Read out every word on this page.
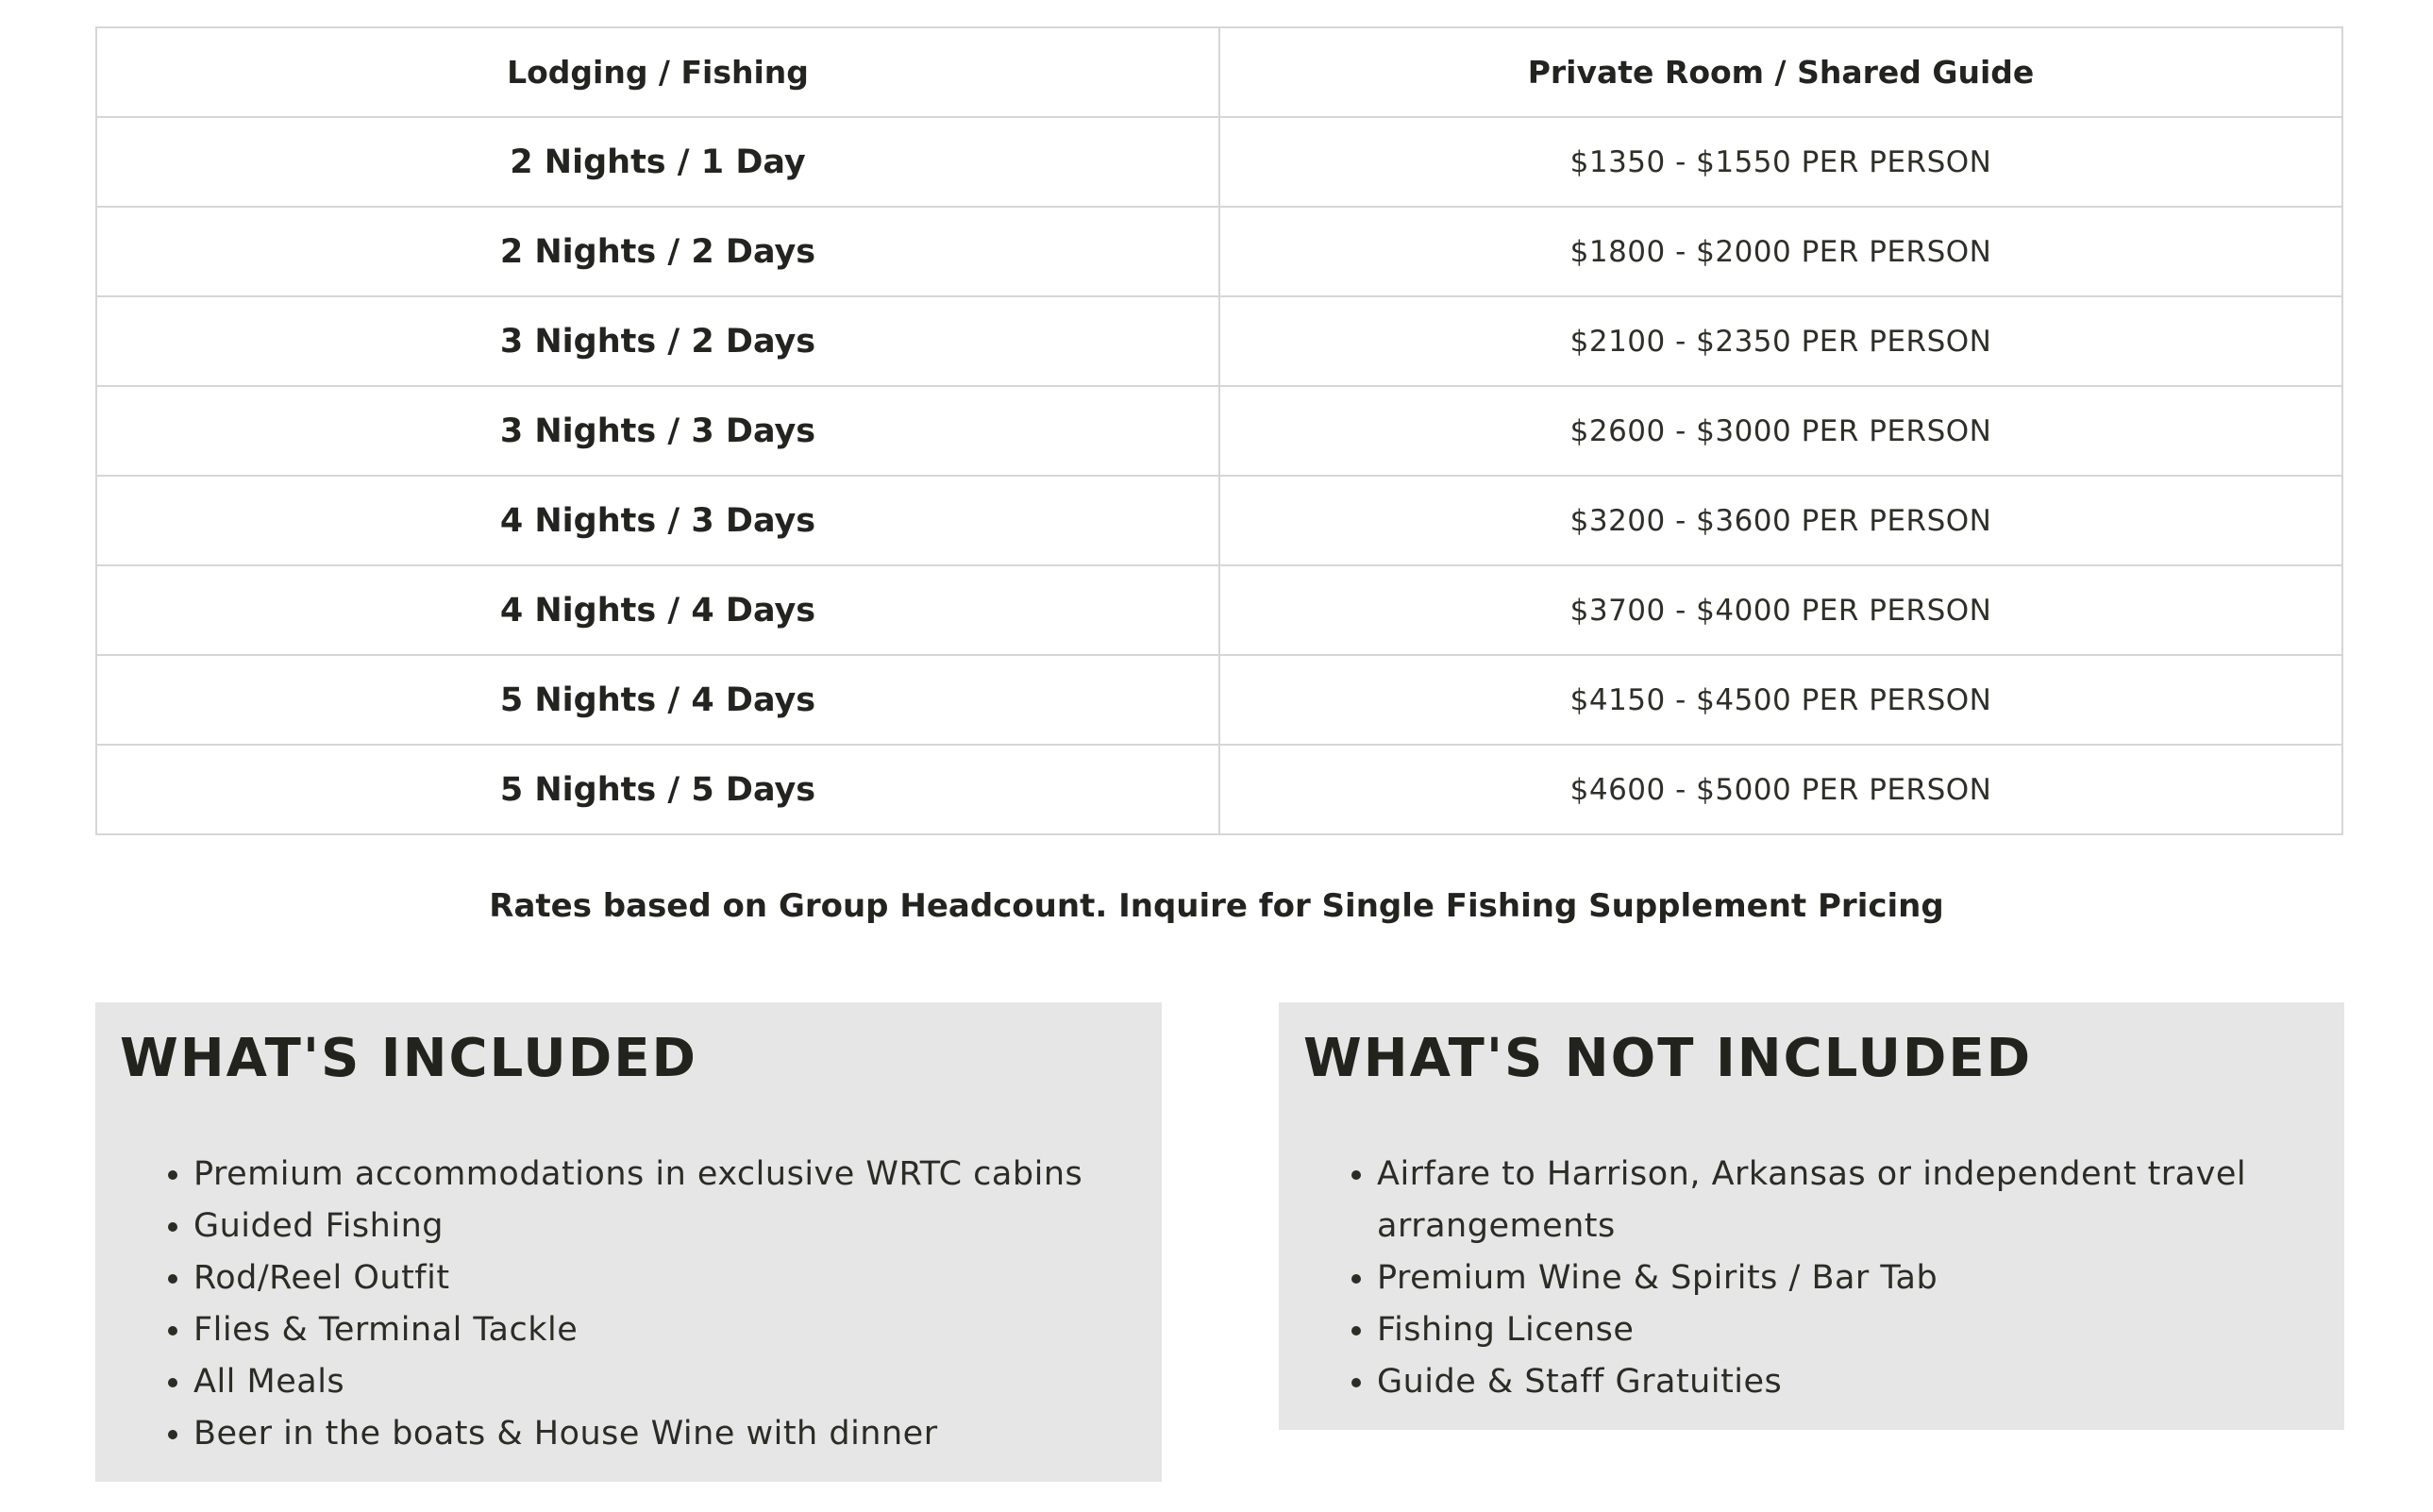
Lodging / Fishing	Private Room / Shared Guide
2 Nights / 1 Day	$1350 - $1550 PER PERSON
2 Nights / 2 Days	$1800 - $2000 PER PERSON
3 Nights / 2 Days	$2100 - $2350 PER PERSON
3 Nights / 3 Days	$2600 - $3000 PER PERSON
4 Nights / 3 Days	$3200 - $3600 PER PERSON
4 Nights / 4 Days	$3700 - $4000 PER PERSON
5 Nights / 4 Days	$4150 - $4500 PER PERSON
5 Nights / 5 Days	$4600 - $5000 PER PERSON
Rates based on Group Headcount. Inquire for Single Fishing Supplement Pricing
WHAT'S INCLUDED
• Premium accommodations in exclusive WRTC cabins
• Guided Fishing
• Rod/Reel Outfit
• Flies & Terminal Tackle
• All Meals
• Beer in the boats & House Wine with dinner
WHAT'S NOT INCLUDED
• Airfare to Harrison, Arkansas or independent travel arrangements
• Premium Wine & Spirits / Bar Tab
• Fishing License
• Guide & Staff Gratuities
